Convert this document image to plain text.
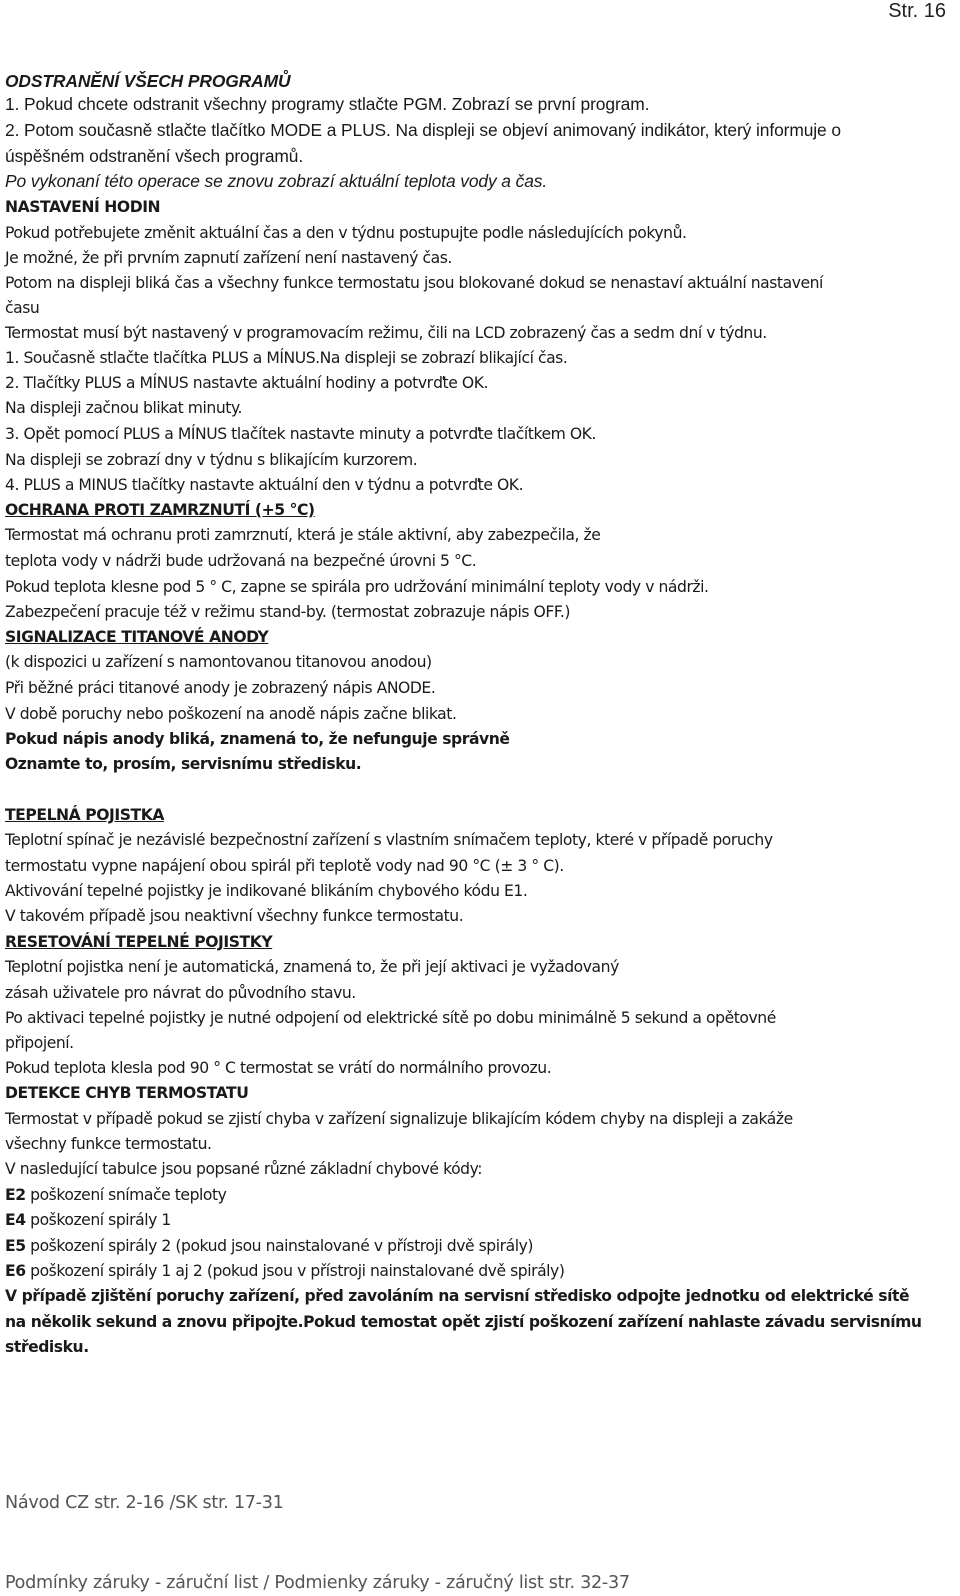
Str. 16
ODSTRANĚNÍ VŠECH PROGRAMŮ
1. Pokud chcete odstranit všechny programy stlačte PGM. Zobrazí se první program.
2. Potom současně stlačte tlačítko MODE a PLUS. Na displeji se objeví animovaný indikátor, který informuje o
úspěšném odstranění všech programů.
Po vykonaní této operace se znovu zobrazí aktuální teplota vody a čas.
NASTAVENÍ HODIN
Pokud potřebujete změnit aktuální čas a den v týdnu postupujte podle následujících pokynů.
Je možné, že při prvním zapnutí zařízení není nastavený čas.
Potom na displeji bliká čas a všechny funkce termostatu jsou blokované dokud se nenastaví aktuální nastavení
času
Termostat musí být nastavený v programovacím režimu, čili na LCD zobrazený čas a sedm dní v týdnu.
1. Současně stlačte tlačítka PLUS a MÍNUS.Na displeji se zobrazí blikající čas.
2. Tlačítky PLUS a MÍNUS nastavte aktuální hodiny a potvrďte OK.
Na displeji začnou blikat minuty.
3. Opět pomocí PLUS a MÍNUS tlačítek nastavte minuty a potvrďte tlačítkem OK.
Na displeji se zobrazí dny v týdnu s blikajícím kurzorem.
4. PLUS a MINUS tlačítky nastavte aktuální den v týdnu a potvrďte OK.
OCHRANA PROTI ZAMRZNUTÍ (+5 °C)
Termostat má ochranu proti zamrznutí, která je stále aktivní, aby zabezpečila, že
teplota vody v nádrži bude udržovaná na bezpečné úrovni 5 °C.
Pokud teplota klesne pod 5 ° C, zapne se spirála pro udržování minimální teploty vody v nádrži.
Zabezpečení pracuje též v režimu stand-by. (termostat zobrazuje nápis OFF.)
SIGNALIZACE TITANOVÉ ANODY
(k dispozici u zařízení s namontovanou titanovou anodou)
Při běžné práci titanové anody je zobrazený nápis ANODE.
V době poruchy nebo poškození na anodě nápis začne blikat.
Pokud nápis anody bliká, znamená to, že nefunguje správně
Oznamte to, prosím, servisnímu středisku.
TEPELNÁ POJISTKA
Teplotní spínač je nezávislé bezpečnostní zařízení s vlastním snímačem teploty, které v případě poruchy
termostatu vypne napájení obou spirál při teplotě vody nad 90 °C (± 3 ° C).
Aktivování tepelné pojistky je indikované blikáním chybového kódu E1.
V takovém případě jsou neaktivní všechny funkce termostatu.
RESETOVÁNÍ TEPELNÉ POJISTKY
Teplotní pojistka není je automatická, znamená to, že při její aktivaci je vyžadovaný
zásah uživatele pro návrat do původního stavu.
Po aktivaci tepelné pojistky je nutné odpojení od elektrické sítě po dobu minimálně 5 sekund a opětovné
připojení.
Pokud teplota klesla pod 90 ° C termostat se vrátí do normálního provozu.
DETEKCE CHYB TERMOSTATU
Termostat v případě pokud se zjistí chyba v zařízení signalizuje blikajícím kódem chyby na displeji a zakáže
všechny funkce termostatu.
V nasledující tabulce jsou popsané různé základní chybové kódy:
E2 poškození snímače teploty
E4 poškození spirály 1
E5 poškození spirály 2 (pokud jsou nainstalované v přístroji dvě spirály)
E6 poškození spirály 1 aj 2 (pokud jsou v přístroji nainstalované dvě spirály)
V případě zjištění poruchy zařízení, před zavoláním na servisní středisko odpojte jednotku od elektrické sítě
na několik sekund a znovu připojte.Pokud temostat opět zjistí poškození zařízení nahlaste závadu servisnímu
středisku.
Návod CZ str. 2-16 /SK str. 17-31
Podmínky záruky - záruční list / Podmienky záruky - záručný list str. 32-37
